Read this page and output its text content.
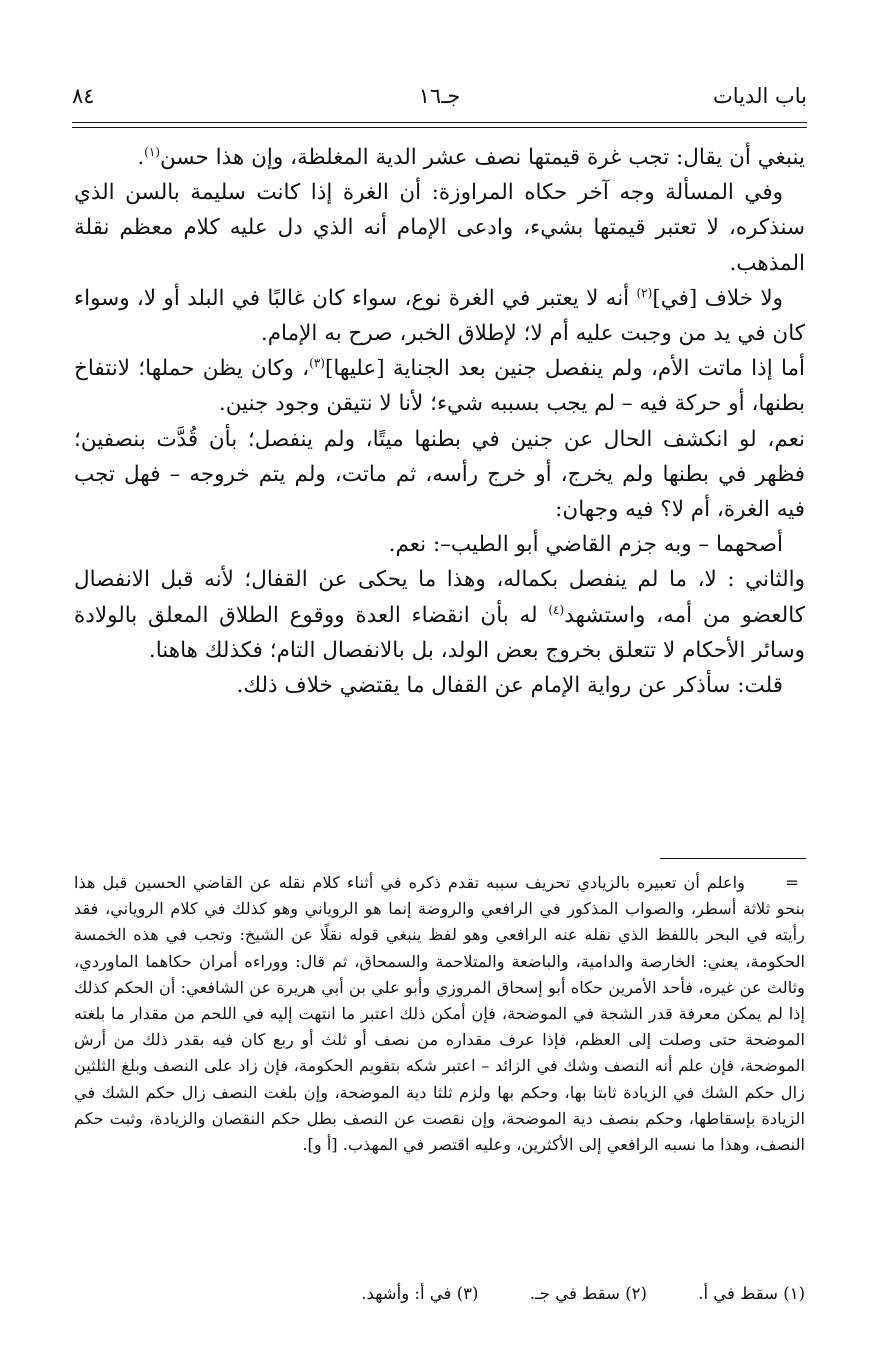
باب الديات
جـ١٦
٨٤

ينبغي أن يقال: تجب غرة قيمتها نصف عشر الدية المغلظة، وإن هذا حسن$^{(١)}$.

وفي المسألة وجه آخر حكاه المراوزة: أن الغرة إذا كانت سليمة بالسن الذي سنذكره، لا تعتبر قيمتها بشيء، وادعى الإمام أنه الذي دل عليه كلام معظم نقلة المذهب.

ولا خلاف [في]$^{(٢)}$ أنه لا يعتبر في الغرة نوع، سواء كان غالبًا في البلد أو لا، وسواء كان في يد من وجبت عليه أم لا؛ لإطلاق الخبر، صرح به الإمام.

أما إذا ماتت الأم، ولم ينفصل جنين بعد الجناية [عليها]$^{(٣)}$، وكان يظن حملها؛ لانتفاخ بطنها، أو حركة فيه – لم يجب بسببه شيء؛ لأنا لا نتيقن وجود جنين.

نعم، لو انكشف الحال عن جنين في بطنها ميتًا، ولم ينفصل؛ بأن قُدَّت بنصفين؛ فظهر في بطنها ولم يخرج، أو خرج رأسه، ثم ماتت، ولم يتم خروجه – فهل تجب فيه الغرة، أم لا؟ فيه وجهان:

أصحهما – وبه جزم القاضي أبو الطيب–: نعم.

والثاني : لا، ما لم ينفصل بكماله، وهذا ما يحكى عن القفال؛ لأنه قبل الانفصال كالعضو من أمه، واستشهد$^{(٤)}$ له بأن انقضاء العدة ووقوع الطلاق المعلق بالولادة وسائر الأحكام لا تتعلق بخروج بعض الولد، بل بالانفصال التام؛ فكذلك هاهنا.

قلت: سأذكر عن رواية الإمام عن القفال ما يقتضي خلاف ذلك.

=
واعلم أن تعبيره بالزيادي تحريف سببه تقدم ذكره في أثناء كلام نقله عن القاضي الحسين قبل هذا بنحو ثلاثة أسطر، والصواب المذكور في الرافعي والروضة إنما هو الروياني وهو كذلك في كلام الروياني، فقد رأيته في البحر باللفظ الذي نقله عنه الرافعي وهو لفظ ينبغي قوله نقلًا عن الشيخ: وتجب في هذه الخمسة الحكومة، يعني: الخارصة والدامية، والباضعة والمتلاحمة والسمحاق، ثم قال: ووراءه أمران حكاهما الماوردي، وثالث عن غيره، فأحد الأمرين حكاه أبو إسحاق المروزي وأبو علي بن أبي هريرة عن الشافعي: أن الحكم كذلك إذا لم يمكن معرفة قدر الشجة في الموضحة، فإن أمكن ذلك اعتبر ما انتهت إليه في اللحم من مقدار ما بلغته الموضحة حتى وصلت إلى العظم، فإذا عرف مقداره من نصف أو ثلث أو ربع كان فيه بقدر ذلك من أرش الموضحة، فإن علم أنه النصف وشك في الزائد – اعتبر شكه بتقويم الحكومة، فإن زاد على النصف وبلغ الثلثين زال حكم الشك في الزيادة ثابتا بها، وحكم بها ولزم ثلثا دية الموضحة، وإن بلغت النصف زال حكم الشك في الزيادة بإسقاطها، وحكم بنصف دية الموضحة، وإن نقصت عن النصف بطل حكم النقصان والزيادة، وثبت حكم النصف، وهذا ما نسبه الرافعي إلى الأكثرين، وعليه اقتصر في المهذب. [أ و].

(١) سقط في أ. (٢) سقط في جـ. (٣) في أ: وأشهد.
